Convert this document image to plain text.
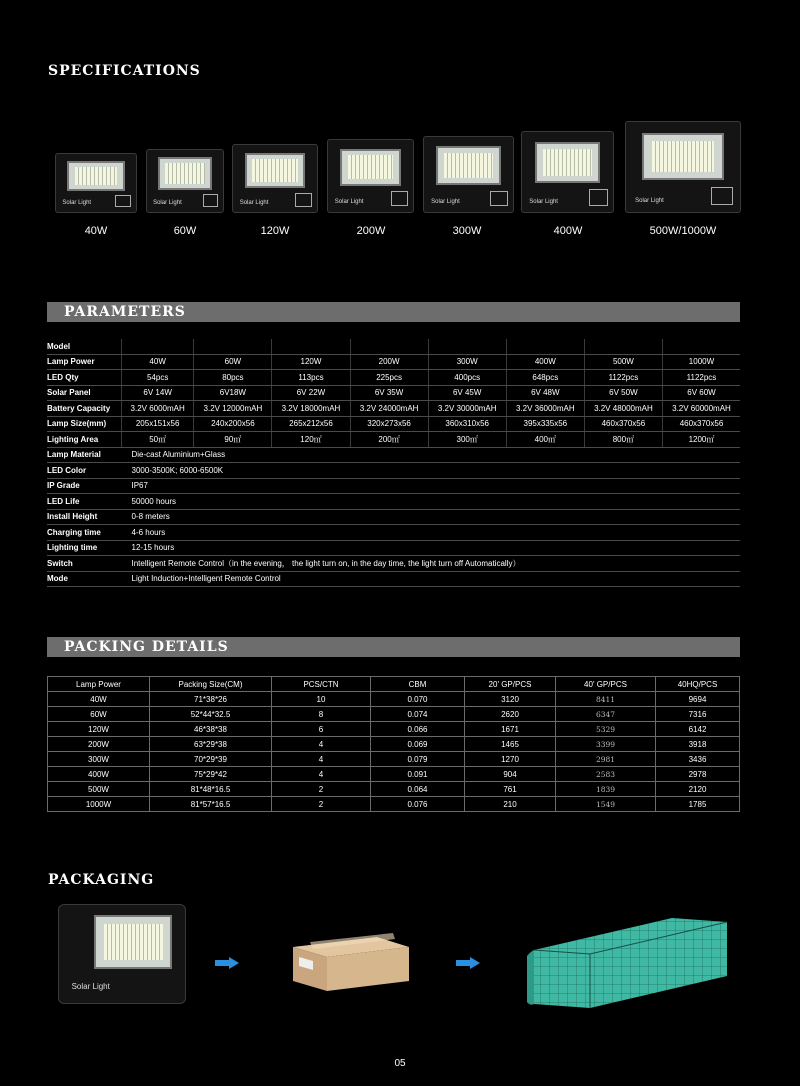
SPECIFICATIONS
Solar Light	Solar Light	Solar Light	Solar Light	Solar Light	Solar Light	Solar Light
40W	60W	120W	200W	300W	400W	500W/1000W
PARAMETERS
Model								
Lamp Power	40W	60W	120W	200W	300W	400W	500W	1000W
LED Qty	54pcs	80pcs	113pcs	225pcs	400pcs	648pcs	1122pcs	1122pcs
Solar Panel	6V 14W	6V18W	6V 22W	6V 35W	6V 45W	6V 48W	6V 50W	6V 60W
Battery Capacity	3.2V 6000mAH	3.2V 12000mAH	3.2V 18000mAH	3.2V 24000mAH	3.2V 30000mAH	3.2V 36000mAH	3.2V 48000mAH	3.2V 60000mAH
Lamp Size(mm)	205x151x56	240x200x56	265x212x56	320x273x56	360x310x56	395x335x56	460x370x56	460x370x56
Lighting Area	50㎡	90㎡	120㎡	200㎡	300㎡	400㎡	800㎡	1200㎡
Lamp Material	Die-cast Aluminium+Glass							
LED Color	3000-3500K; 6000-6500K							
IP Grade	IP67							
LED Life	50000 hours							
Install Height	0-8 meters							
Charging time	4-6 hours							
Lighting time	12-15 hours							
Switch	Intelligent Remote Control（in the evening， the light turn on, in the day time, the light turn off Automatically）							
Mode	Light Induction+Intelligent Remote Control							
PACKING DETAILS
Lamp Power	Packing Size(CM)	PCS/CTN	CBM	20' GP/PCS	40' GP/PCS	40HQ/PCS
40W	71*38*26	10	0.070	3120	8411	9694
60W	52*44*32.5	8	0.074	2620	6347	7316
120W	46*38*38	6	0.066	1671	5329	6142
200W	63*29*38	4	0.069	1465	3399	3918
300W	70*29*39	4	0.079	1270	2981	3436
400W	75*29*42	4	0.091	904	2583	2978
500W	81*48*16.5	2	0.064	761	1839	2120
1000W	81*57*16.5	2	0.076	210	1549	1785
PACKAGING
Solar Light
05
